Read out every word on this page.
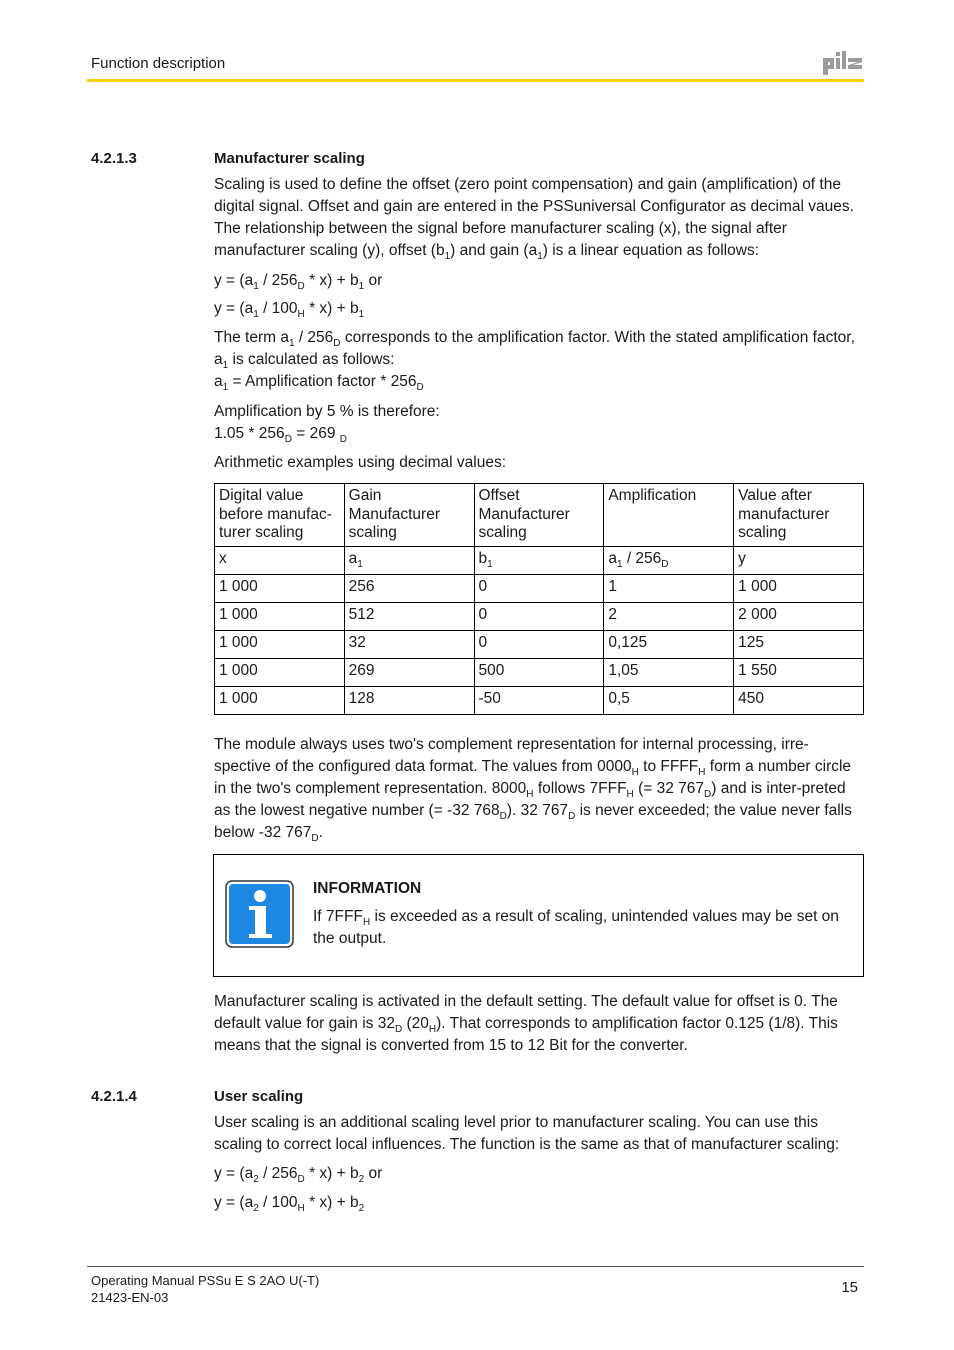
Function description
4.2.1.3	Manufacturer scaling

Scaling is used to define the offset (zero point compensation) and gain (amplification) of the digital signal. Offset and gain are entered in the PSSuniversal Configurator as decimal vaues. The relationship between the signal before manufacturer scaling (x), the signal after manufacturer scaling (y), offset $(b_1)$ and gain $(a_1)$ is a linear equation as follows:

$y = (a_1 / 256_D * x) + b_1$ or
$y = (a_1 / 100_H * x) + b_1$

The term $a_1 / 256_D$ corresponds to the amplification factor. With the stated amplification factor, $a_1$ is calculated as follows:

$a_1$ = Amplification factor * $256_D$

Amplification by 5 % is therefore:

$1.05 * 256_D = 269$ $_D$

Arithmetic examples using decimal values:
Digital value before manufac-turer scaling	Gain Manufacturer scaling	Offset Manufacturer scaling	Amplification	Value after manufacturer scaling
x	$a_1$	$b_1$	$a_1 / 256_D$	y
1 000	256	0	1	1 000
1 000	512	0	2	2 000
1 000	32	0	0,125	125
1 000	269	500	1,05	1 550
1 000	128	-50	0,5	450

The module always uses two's complement representation for internal processing, irre-spective of the configured data format. The values from $0000_H$ to $FFFF_H$ form a number circle in the two's complement representation. $8000_H$ follows $7FFF_H$ (= 32 $767_D$) and is inter-preted as the lowest negative number (= -32 $768_D$). 32 $767_D$ is never exceeded; the value never falls below -32 $767_D$.

INFORMATION
If $7FFF_H$ is exceeded as a result of scaling, unintended values may be set on the output.

Manufacturer scaling is activated in the default setting. The default value for offset is 0. The default value for gain is $32_D$ $(20_H)$. That corresponds to amplification factor 0.125 (1/8). This means that the signal is converted from 15 to 12 Bit for the converter.

4.2.1.4	User scaling
User scaling is an additional scaling level prior to manufacturer scaling. You can use this scaling to correct local influences. The function is the same as that of manufacturer scaling:
$y = (a_2 / 256_D * x) + b_2$ or
$y = (a_2 / 100_H * x) + b_2$
Operating Manual PSSu E S 2AO U(-T)
21423-EN-03
15
